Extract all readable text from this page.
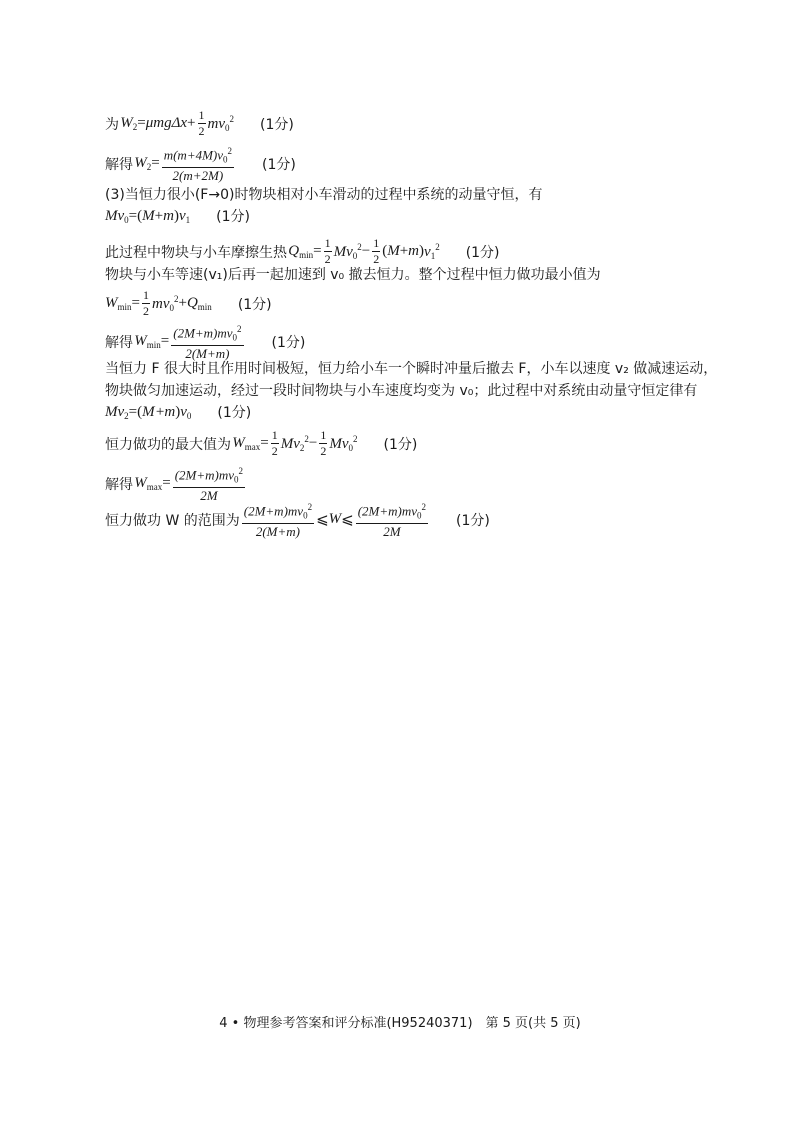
为  $W_2 = \mu mg\Delta x + \frac{1}{2} mv_0^2$ (1分)
解得  $W_2 = \frac{m(m+4M)v_0^2}{2(m+2M)} (1$分)
(3)当恒力很小(F→0)时物块相对小车滑动的过程中系统的动量守恒，有
$Mv_0$ =( M + m ) $v_1$ (1分)
此过程中物块与小车摩擦生热  $Q_{min} = \frac{1}{2} Mv_0^2 - \frac{1}{2}$ ( M + m ) $v_1^2$ (1分)
物块与小车等速(v₁)后再一起加速到 v₀ 撤去恒力。整个过程中恒力做功最小值为
$W_{min} = \frac{1}{2} mv_0^2 + Q_{min}$ (1分)
解得  $W_{min} = \frac{(2M+m)mv_0^2}{2(M+m)} (1$分)
当恒力 F 很大时且作用时间极短，恒力给小车一个瞬时冲量后撤去 F，小车以速度 v₂ 做减速运动，物块做匀加速运动，经过一段时间物块与小车速度均变为 v₀；此过程中对系统由动量守恒定律有
$Mv_2$ =( M  + m ) $v_0$ (1分)
恒力做功的最大值为  $W_{max} = \frac{1}{2} Mv_2^2 - \frac{1}{2} Mv_0^2$ (1分)
解得  $W_{max} = \frac{(2M+m)mv_0^2}{2M}$
恒力做功 W 的范围为 $\frac{(2M+m)mv_0^2}{2(M+m)}$ ⩽ W ⩽ $\frac{(2M+m)mv_0^2}{2M} (1$分)
4 • 物理参考答案和评分标准(H95240371)　第 5 页(共 5 页)
